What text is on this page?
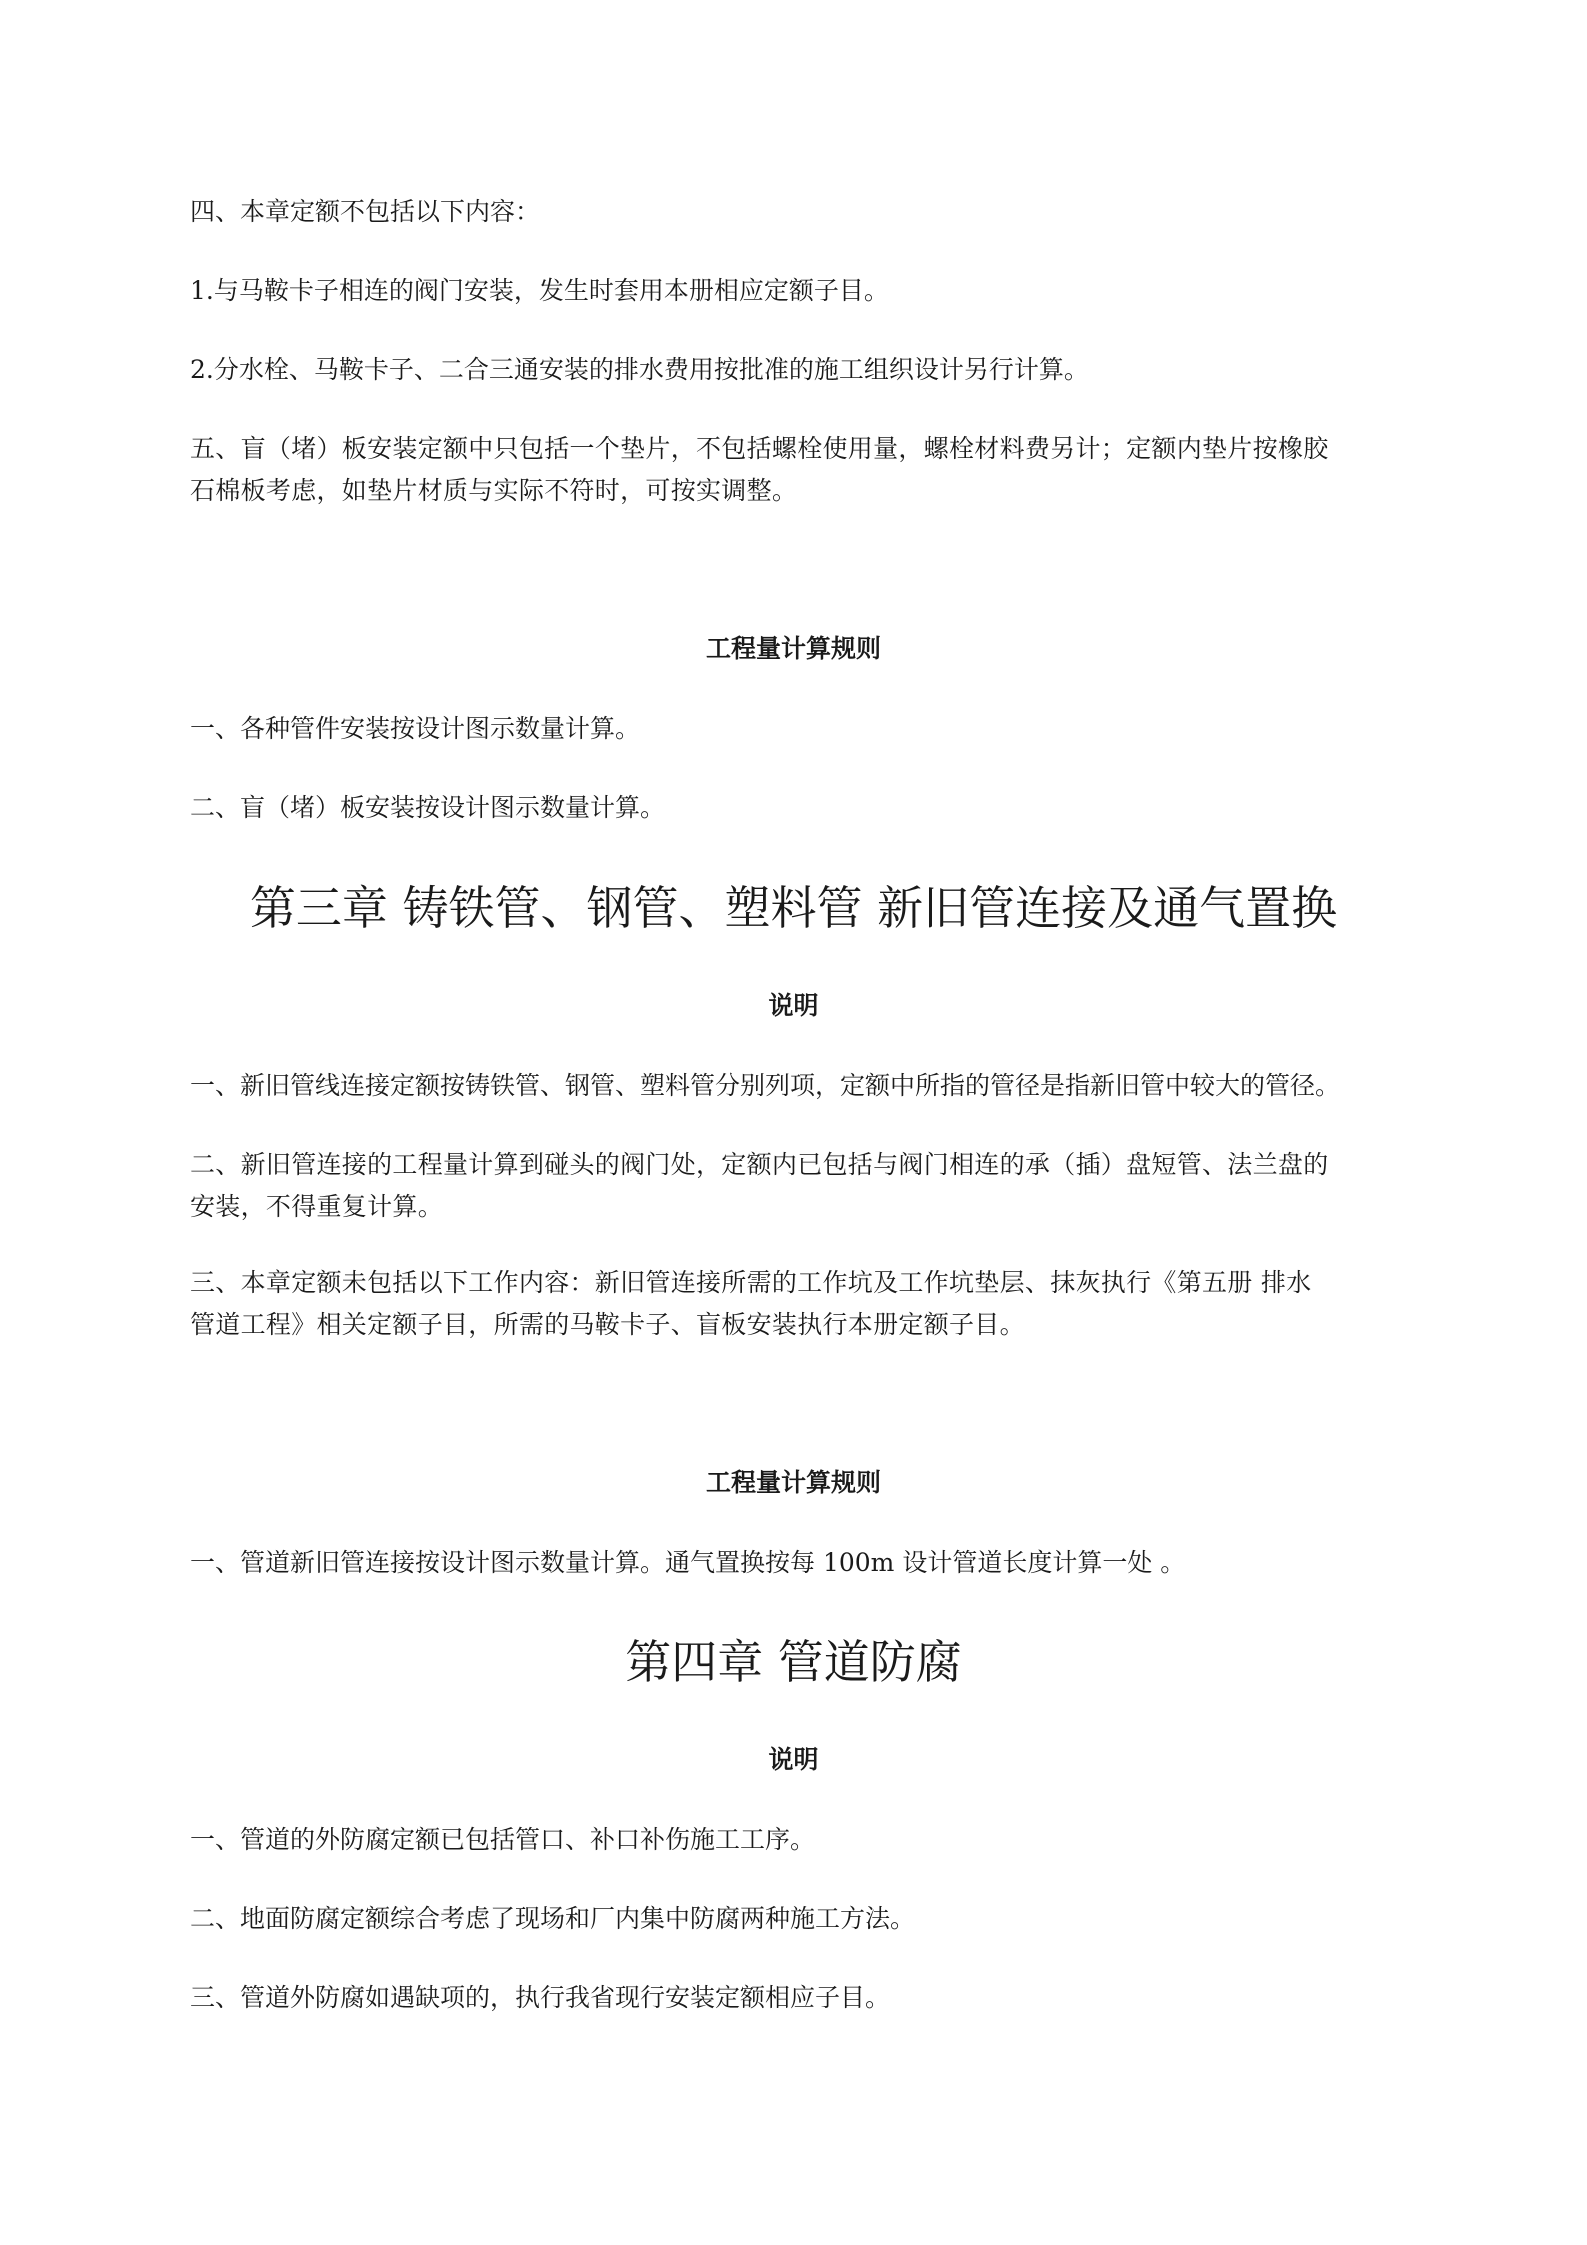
四、本章定额不包括以下内容：
1.与马鞍卡子相连的阀门安装，发生时套用本册相应定额子目。
2.分水栓、马鞍卡子、二合三通安装的排水费用按批准的施工组织设计另行计算。
五、盲（堵）板安装定额中只包括一个垫片，不包括螺栓使用量，螺栓材料费另计；定额内垫片按橡胶
石棉板考虑，如垫片材质与实际不符时，可按实调整。
工程量计算规则
一、各种管件安装按设计图示数量计算。
二、盲（堵）板安装按设计图示数量计算。
第三章 铸铁管、钢管、塑料管 新旧管连接及通气置换
说明
一、新旧管线连接定额按铸铁管、钢管、塑料管分别列项，定额中所指的管径是指新旧管中较大的管径。
二、新旧管连接的工程量计算到碰头的阀门处，定额内已包括与阀门相连的承（插）盘短管、法兰盘的
安装，不得重复计算。
三、本章定额未包括以下工作内容：新旧管连接所需的工作坑及工作坑垫层、抹灰执行《第五册 排水
管道工程》相关定额子目，所需的马鞍卡子、盲板安装执行本册定额子目。
工程量计算规则
一、管道新旧管连接按设计图示数量计算。通气置换按每 100m 设计管道长度计算一处 。
第四章 管道防腐
说明
一、管道的外防腐定额已包括管口、补口补伤施工工序。
二、地面防腐定额综合考虑了现场和厂内集中防腐两种施工方法。
三、管道外防腐如遇缺项的，执行我省现行安装定额相应子目。
